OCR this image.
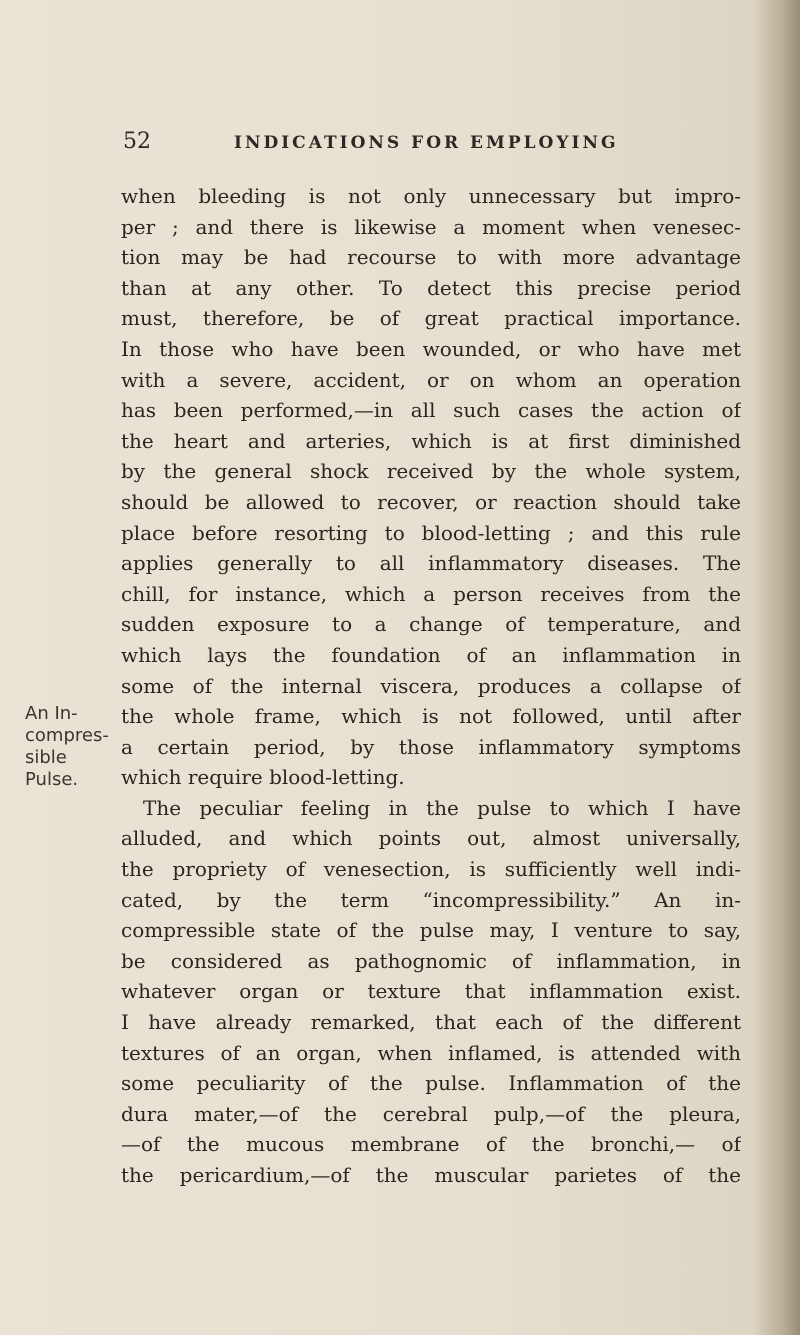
52	INDICATIONS FOR EMPLOYING
An In-
compres-
sible
Pulse.
when bleeding is not only unnecessary but impro-
per ; and there is likewise a moment when venesec-
tion may be had recourse to with more advantage
than at any other. To detect this precise period
must, therefore, be of great practical importance.
In those who have been wounded, or who have met
with a severe, accident, or on whom an operation
has been performed,—in all such cases the action of
the heart and arteries, which is at first diminished
by the general shock received by the whole system,
should be allowed to recover, or reaction should take
place before resorting to blood-letting ; and this rule
applies generally to all inflammatory diseases. The
chill, for instance, which a person receives from the
sudden exposure to a change of temperature, and
which lays the foundation of an inflammation in
some of the internal viscera, produces a collapse of
the whole frame, which is not followed, until after
a certain period, by those inflammatory symptoms
which require blood-letting.
The peculiar feeling in the pulse to which I have
alluded, and which points out, almost universally,
the propriety of venesection, is sufficiently well indi-
cated, by the term “incompressibility.” An in-
compressible state of the pulse may, I venture to say,
be considered as pathognomic of inflammation, in
whatever organ or texture that inflammation exist.
I have already remarked, that each of the different
textures of an organ, when inflamed, is attended with
some peculiarity of the pulse. Inflammation of the
dura mater,—of the cerebral pulp,—of the pleura,
—of the mucous membrane of the bronchi,— of
the pericardium,—of the muscular parietes of the
